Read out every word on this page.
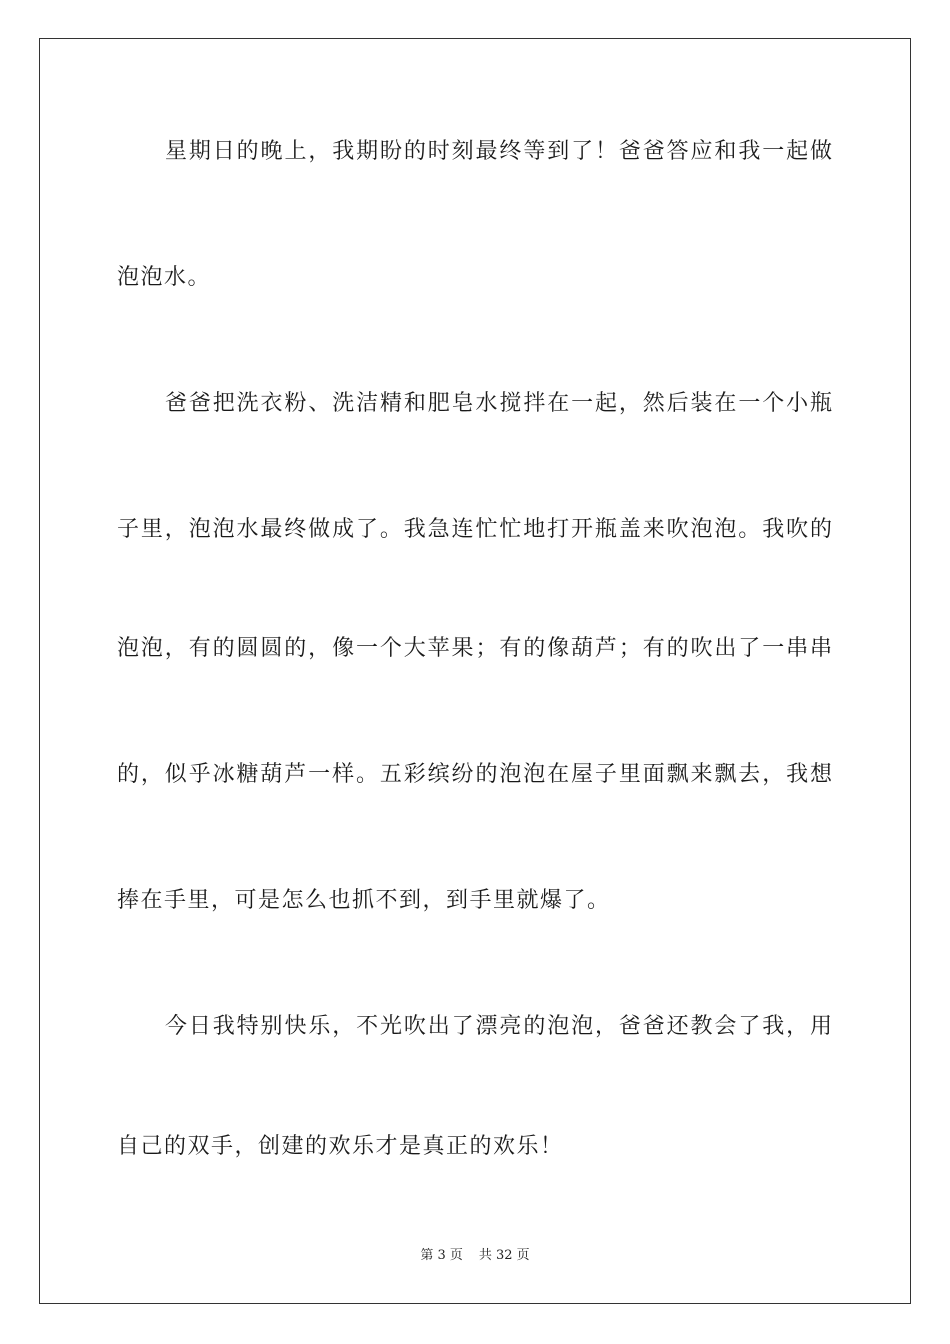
星期日的晚上，我期盼的时刻最终等到了！爸爸答应和我一起做
泡泡水。
爸爸把洗衣粉、洗洁精和肥皂水搅拌在一起，然后装在一个小瓶
子里，泡泡水最终做成了。我急连忙忙地打开瓶盖来吹泡泡。我吹的
泡泡，有的圆圆的，像一个大苹果；有的像葫芦；有的吹出了一串串
的，似乎冰糖葫芦一样。五彩缤纷的泡泡在屋子里面飘来飘去，我想
捧在手里，可是怎么也抓不到，到手里就爆了。
今日我特别快乐，不光吹出了漂亮的泡泡，爸爸还教会了我，用
自己的双手，创建的欢乐才是真正的欢乐！
第 3 页 共 32 页
